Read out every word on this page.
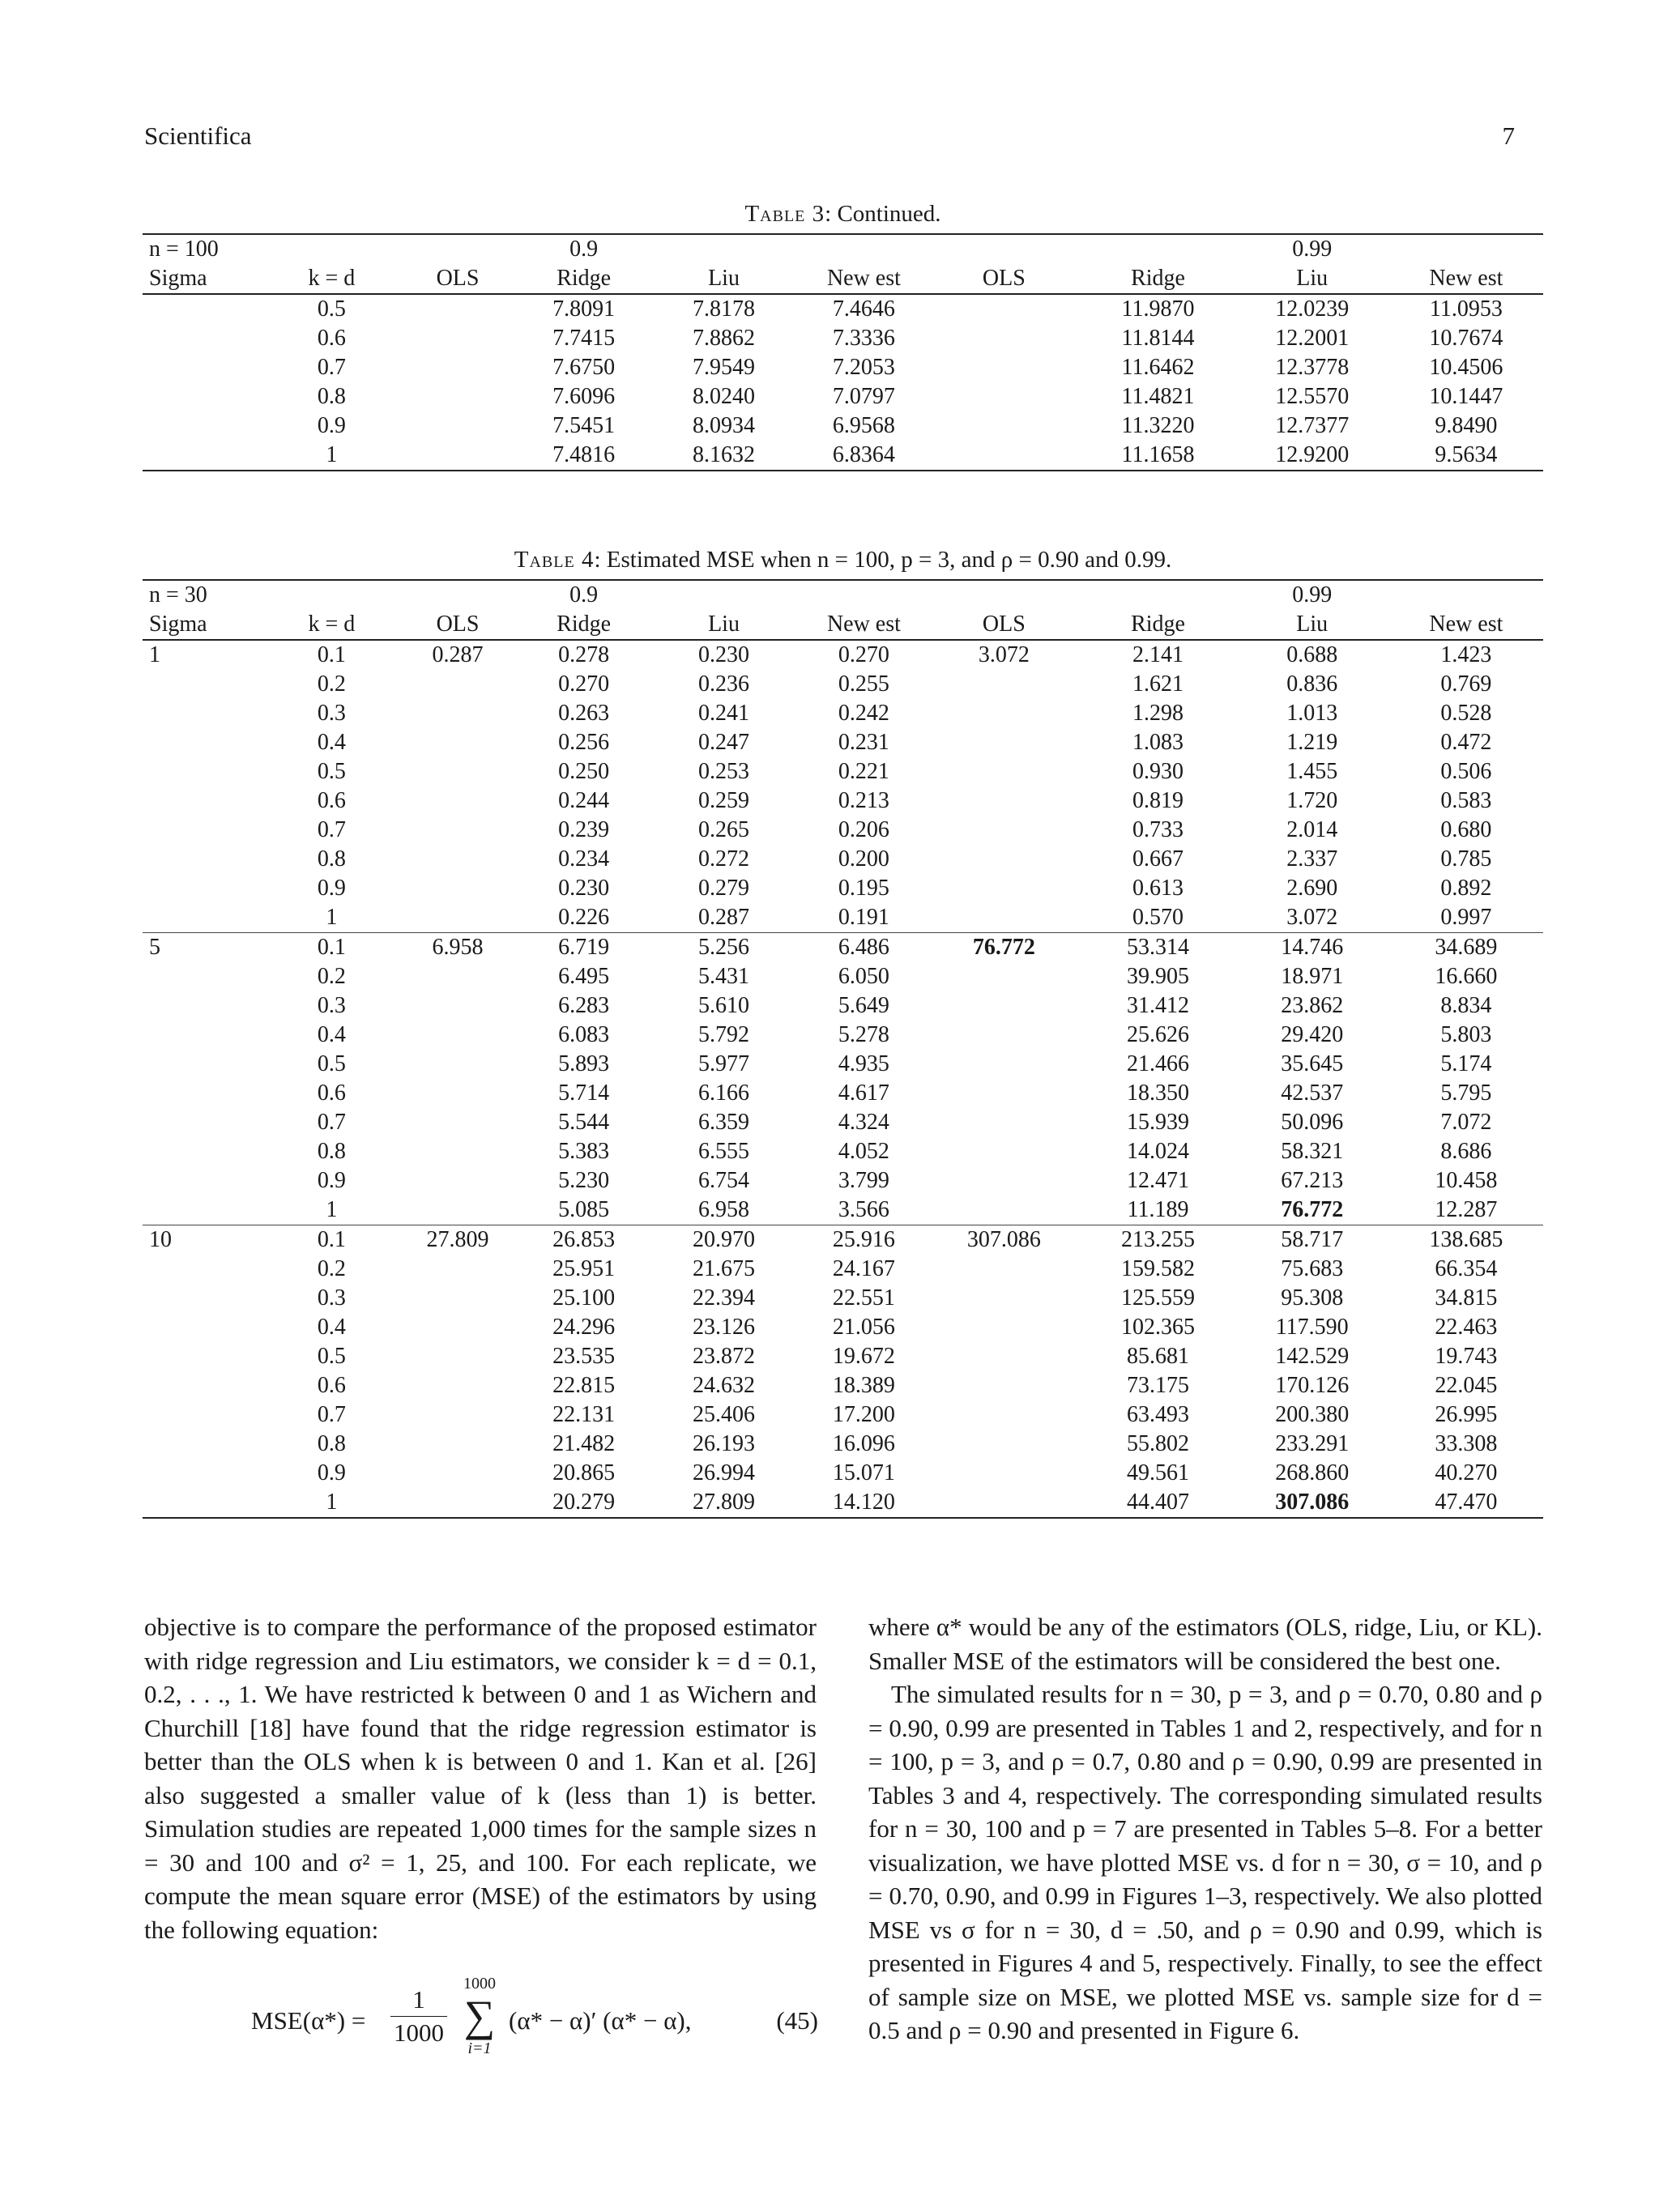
Scientifica	7
Table 3: Continued.
n = 100			0.9					0.99	
Sigma	k = d	OLS	Ridge	Liu	New est	OLS	Ridge	Liu	New est
	0.5		7.8091	7.8178	7.4646		11.9870	12.0239	11.0953
	0.6		7.7415	7.8862	7.3336		11.8144	12.2001	10.7674
	0.7		7.6750	7.9549	7.2053		11.6462	12.3778	10.4506
	0.8		7.6096	8.0240	7.0797		11.4821	12.5570	10.1447
	0.9		7.5451	8.0934	6.9568		11.3220	12.7377	9.8490
	1		7.4816	8.1632	6.8364		11.1658	12.9200	9.5634
Table 4: Estimated MSE when n = 100, p = 3, and ρ = 0.90 and 0.99.
n = 30			0.9					0.99	
Sigma	k = d	OLS	Ridge	Liu	New est	OLS	Ridge	Liu	New est
1	0.1	0.287	0.278	0.230	0.270	3.072	2.141	0.688	1.423
	0.2		0.270	0.236	0.255		1.621	0.836	0.769
	0.3		0.263	0.241	0.242		1.298	1.013	0.528
	0.4		0.256	0.247	0.231		1.083	1.219	0.472
	0.5		0.250	0.253	0.221		0.930	1.455	0.506
	0.6		0.244	0.259	0.213		0.819	1.720	0.583
	0.7		0.239	0.265	0.206		0.733	2.014	0.680
	0.8		0.234	0.272	0.200		0.667	2.337	0.785
	0.9		0.230	0.279	0.195		0.613	2.690	0.892
	1		0.226	0.287	0.191		0.570	3.072	0.997
5	0.1	6.958	6.719	5.256	6.486	76.772	53.314	14.746	34.689
	0.2		6.495	5.431	6.050		39.905	18.971	16.660
	0.3		6.283	5.610	5.649		31.412	23.862	8.834
	0.4		6.083	5.792	5.278		25.626	29.420	5.803
	0.5		5.893	5.977	4.935		21.466	35.645	5.174
	0.6		5.714	6.166	4.617		18.350	42.537	5.795
	0.7		5.544	6.359	4.324		15.939	50.096	7.072
	0.8		5.383	6.555	4.052		14.024	58.321	8.686
	0.9		5.230	6.754	3.799		12.471	67.213	10.458
	1		5.085	6.958	3.566		11.189	76.772	12.287
10	0.1	27.809	26.853	20.970	25.916	307.086	213.255	58.717	138.685
	0.2		25.951	21.675	24.167		159.582	75.683	66.354
	0.3		25.100	22.394	22.551		125.559	95.308	34.815
	0.4		24.296	23.126	21.056		102.365	117.590	22.463
	0.5		23.535	23.872	19.672		85.681	142.529	19.743
	0.6		22.815	24.632	18.389		73.175	170.126	22.045
	0.7		22.131	25.406	17.200		63.493	200.380	26.995
	0.8		21.482	26.193	16.096		55.802	233.291	33.308
	0.9		20.865	26.994	15.071		49.561	268.860	40.270
	1		20.279	27.809	14.120		44.407	307.086	47.470

objective is to compare the performance of the proposed estimator with ridge regression and Liu estimators, we consider k = d = 0.1, 0.2, . . ., 1. We have restricted k between 0 and 1 as Wichern and Churchill [18] have found that the ridge regression estimator is better than the OLS when k is between 0 and 1. Kan et al. [26] also suggested a smaller value of k (less than 1) is better. Simulation studies are repeated 1,000 times for the sample sizes n = 30 and 100 and σ² = 1, 25, and 100. For each replicate, we compute the mean square error (MSE) of the estimators by using the following equation:

$MSE(\alpha*) = \frac{1}{1000}$	1000
∑
i=1
(α* − α)′ (α* − α),	(45)

where α* would be any of the estimators (OLS, ridge, Liu, or KL). Smaller MSE of the estimators will be considered the best one.

The simulated results for n = 30, p = 3, and ρ = 0.70, 0.80 and ρ = 0.90, 0.99 are presented in Tables 1 and 2, respectively, and for n = 100, p = 3, and ρ = 0.7, 0.80 and ρ = 0.90, 0.99 are presented in Tables 3 and 4, respectively. The corresponding simulated results for n = 30, 100 and p = 7 are presented in Tables 5–8. For a better visualization, we have plotted MSE vs. d for n = 30, σ = 10, and ρ = 0.70, 0.90, and 0.99 in Figures 1–3, respectively. We also plotted MSE vs σ for n = 30, d = .50, and ρ = 0.90 and 0.99, which is presented in Figures 4 and 5, respectively. Finally, to see the effect of sample size on MSE, we plotted MSE vs. sample size for d = 0.5 and ρ = 0.90 and presented in Figure 6.
